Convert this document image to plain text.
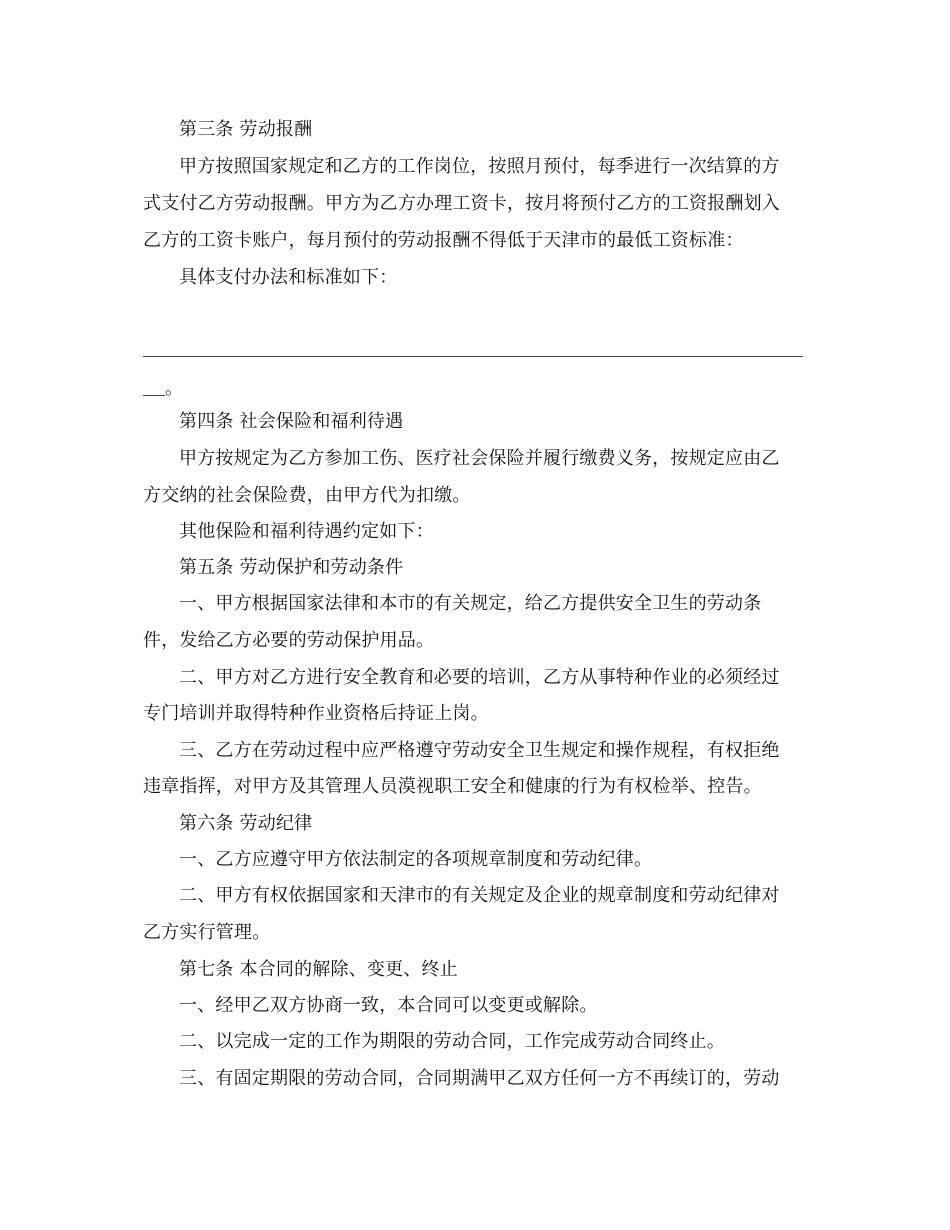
第三条 劳动报酬
甲方按照国家规定和乙方的工作岗位，按照月预付，每季进行一次结算的方
式支付乙方劳动报酬。甲方为乙方办理工资卡，按月将预付乙方的工资报酬划入
乙方的工资卡账户，每月预付的劳动报酬不得低于天津市的最低工资标准：
具体支付办法和标准如下：
。
第四条 社会保险和福利待遇
甲方按规定为乙方参加工伤、医疗社会保险并履行缴费义务，按规定应由乙
方交纳的社会保险费，由甲方代为扣缴。
其他保险和福利待遇约定如下：
第五条 劳动保护和劳动条件
一、甲方根据国家法律和本市的有关规定，给乙方提供安全卫生的劳动条
件，发给乙方必要的劳动保护用品。
二、甲方对乙方进行安全教育和必要的培训，乙方从事特种作业的必须经过
专门培训并取得特种作业资格后持证上岗。
三、乙方在劳动过程中应严格遵守劳动安全卫生规定和操作规程，有权拒绝
违章指挥，对甲方及其管理人员漠视职工安全和健康的行为有权检举、控告。
第六条 劳动纪律
一、乙方应遵守甲方依法制定的各项规章制度和劳动纪律。
二、甲方有权依据国家和天津市的有关规定及企业的规章制度和劳动纪律对
乙方实行管理。
第七条 本合同的解除、变更、终止
一、经甲乙双方协商一致，本合同可以变更或解除。
二、以完成一定的工作为期限的劳动合同，工作完成劳动合同终止。
三、有固定期限的劳动合同，合同期满甲乙双方任何一方不再续订的，劳动
